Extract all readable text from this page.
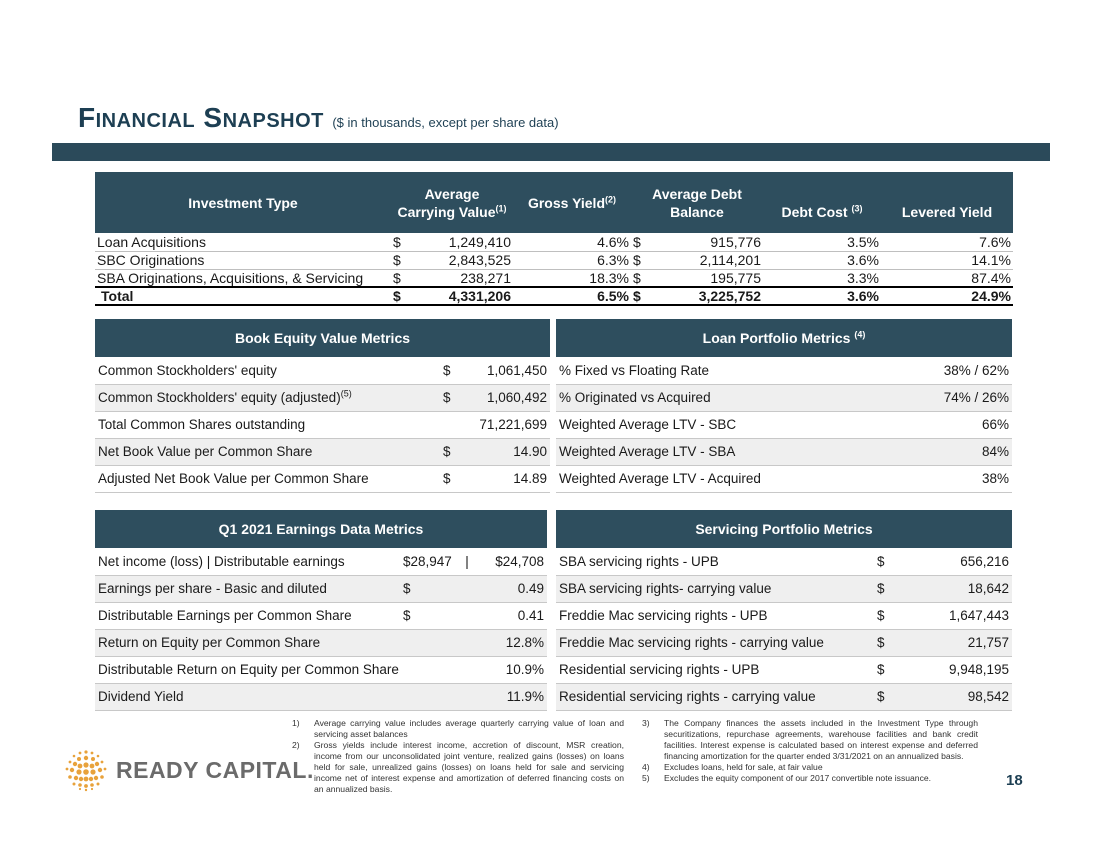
Financial Snapshot ($ in thousands, except per share data)
Investment Type	Average Carrying Value$^{(1)}$		Gross Yield$^{(2)}$	Average Debt Balance		Debt Cost $^{(3)}$	Levered Yield
Loan Acquisitions	$	1,249,410	4.6%	$	915,776	3.5%	7.6%
SBC Originations	$	2,843,525	6.3%	$	2,114,201	3.6%	14.1%
SBA Originations, Acquisitions, & Servicing	$	238,271	18.3%	$	195,775	3.3%	87.4%
Total	$	4,331,206	6.5%	$	3,225,752	3.6%	24.9%
Book Equity Value Metrics		
Common Stockholders' equity	$	1,061,450
Common Stockholders' equity (adjusted)$^{(5)}$	$	1,060,492
Total Common Shares outstanding		71,221,699
Net Book Value per Common Share	$	14.90
Adjusted Net Book Value per Common Share	$	14.89
Loan Portfolio Metrics $^{(4)}$
% Fixed vs Floating Rate	38% / 62%
% Originated vs Acquired	74% / 26%
Weighted Average LTV - SBC	66%
Weighted Average LTV - SBA	84%
Weighted Average LTV - Acquired	38%
Q1 2021 Earnings Data Metrics			
Net income (loss) | Distributable earnings	$28,947	|	$24,708
Earnings per share - Basic and diluted	$		0.49
Distributable Earnings per Common Share	$		0.41
Return on Equity per Common Share			12.8%
Distributable Return on Equity per Common Share			10.9%
Dividend Yield			11.9%
Servicing Portfolio Metrics		
SBA servicing rights - UPB	$	656,216
SBA servicing rights- carrying value	$	18,642
Freddie Mac servicing rights - UPB	$	1,647,443
Freddie Mac servicing rights - carrying value	$	21,757
Residential servicing rights - UPB	$	9,948,195
Residential servicing rights - carrying value	$	98,542
1)	Average carrying value includes average quarterly carrying value of loan and servicing asset balances
2)	Gross yields include interest income, accretion of discount, MSR creation, income from our unconsolidated joint venture, realized gains (losses) on loans held for sale, unrealized gains (losses) on loans held for sale and servicing income net of interest expense and amortization of deferred financing costs on an annualized basis.
3)	The Company finances the assets included in the Investment Type through securitizations, repurchase agreements, warehouse facilities and bank credit facilities. Interest expense is calculated based on interest expense and deferred financing amortization for the quarter ended 3/31/2021 on an annualized basis.
4)	Excludes loans, held for sale, at fair value
5)	Excludes the equity component of our 2017 convertible note issuance.
READY CAPITAL.	18
